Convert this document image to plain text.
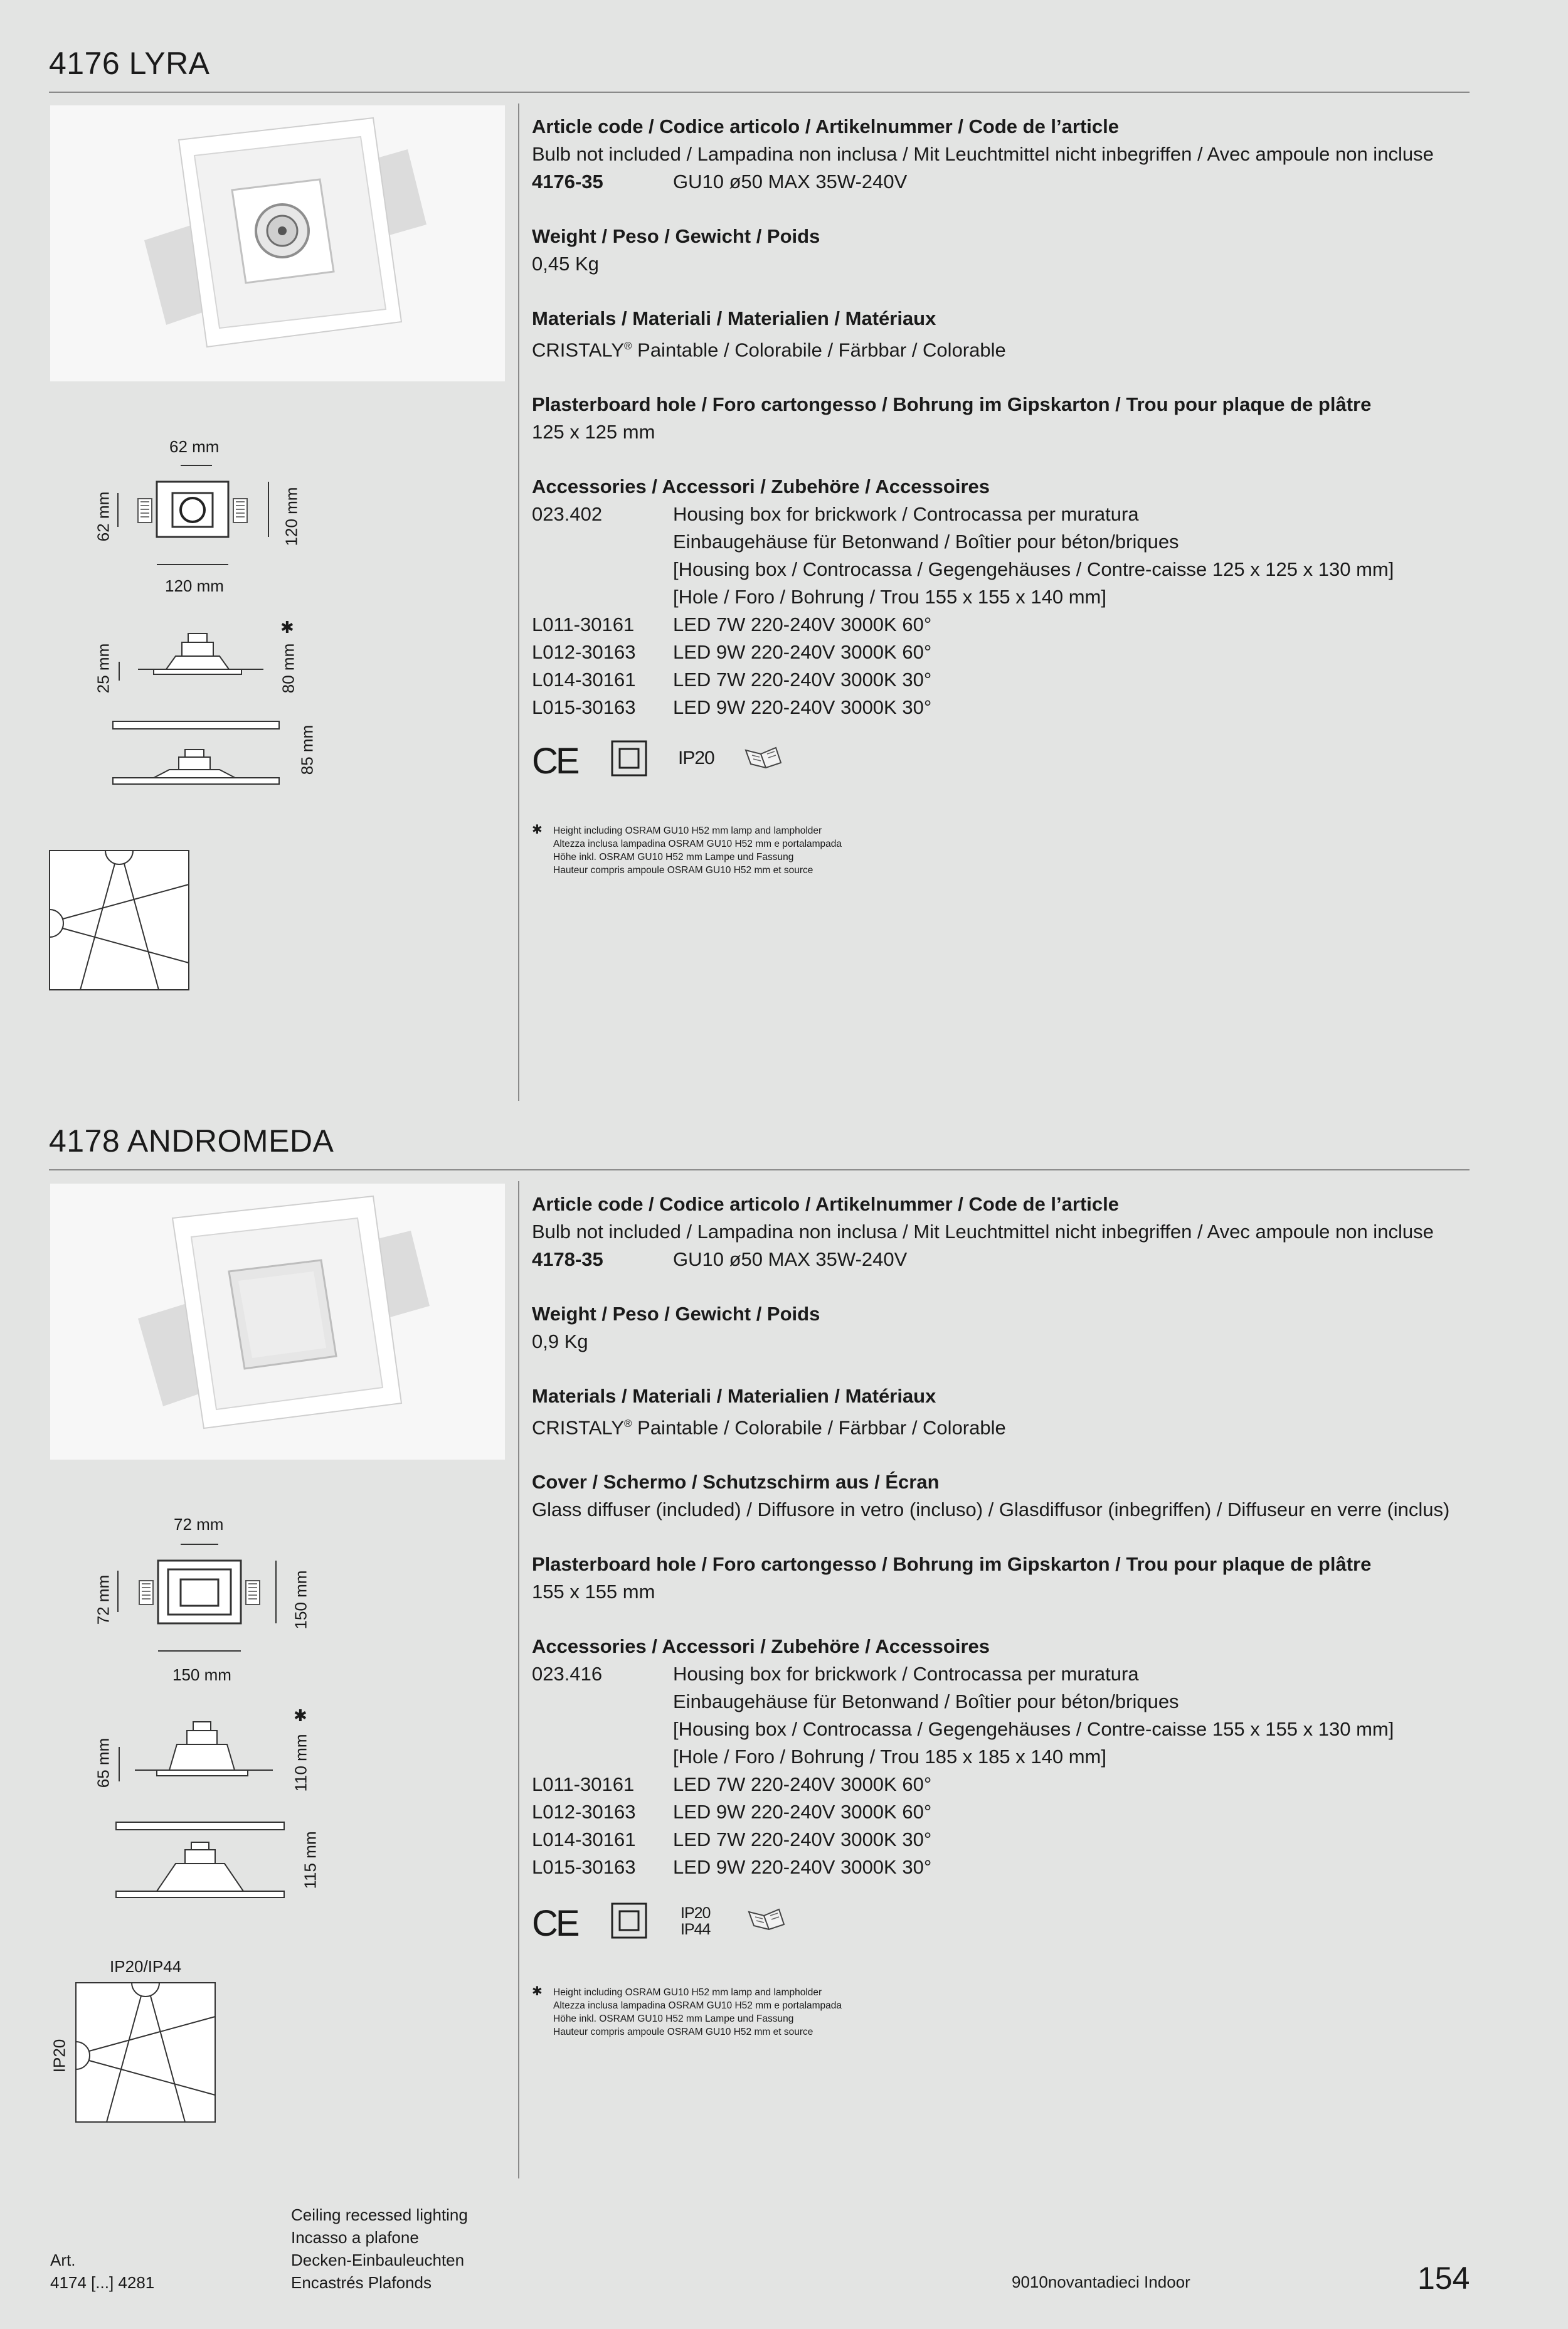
4176 LYRA
62 mm
62 mm	120 mm
120 mm
25 mm	80 mm
✱
85 mm
Article code / Codice articolo / Artikelnummer / Code de l’article
Bulb not included / Lampadina non inclusa / Mit Leuchtmittel nicht inbegriffen / Avec ampoule non incluse
4176-35	GU10 ø50 MAX 35W-240V
Weight / Peso / Gewicht / Poids
0,45 Kg
Materials / Materiali / Materialien / Matériaux
CRISTALY® Paintable / Colorabile / Färbbar / Colorable
Plasterboard hole / Foro cartongesso / Bohrung im Gipskarton / Trou pour plaque de plâtre
125 x 125 mm
Accessories / Accessori / Zubehöre / Accessoires
023.402	Housing box for brickwork / Controcassa per muratura
Einbaugehäuse für Betonwand / Boîtier pour béton/briques
[Housing box / Controcassa / Gegengehäuses / Contre-caisse 125 x 125 x 130 mm]
[Hole / Foro / Bohrung / Trou 155 x 155 x 140 mm]
L011-30161	LED 7W 220-240V 3000K 60°
L012-30163	LED 9W 220-240V 3000K 60°
L014-30161	LED 7W 220-240V 3000K 30°
L015-30163	LED 9W 220-240V 3000K 30°
CE	IP20
✱ Height including OSRAM GU10 H52 mm lamp and lampholder
Altezza inclusa lampadina OSRAM GU10 H52 mm e portalampada
Höhe inkl. OSRAM GU10 H52 mm Lampe und Fassung
Hauteur compris ampoule OSRAM GU10 H52 mm et source
4178 ANDROMEDA
72 mm
72 mm	150 mm
150 mm
65 mm	110 mm
✱
115 mm
IP20/IP44
IP20
Article code / Codice articolo / Artikelnummer / Code de l’article
Bulb not included / Lampadina non inclusa / Mit Leuchtmittel nicht inbegriffen / Avec ampoule non incluse
4178-35	GU10 ø50 MAX 35W-240V
Weight / Peso / Gewicht / Poids
0,9 Kg
Materials / Materiali / Materialien / Matériaux
CRISTALY® Paintable / Colorabile / Färbbar / Colorable
Cover / Schermo / Schutzschirm aus / Écran
Glass diffuser (included) / Diffusore in vetro (incluso) / Glasdiffusor (inbegriffen) / Diffuseur en verre (inclus)
Plasterboard hole / Foro cartongesso / Bohrung im Gipskarton / Trou pour plaque de plâtre
155 x 155 mm
Accessories / Accessori / Zubehöre / Accessoires
023.416	Housing box for brickwork / Controcassa per muratura
Einbaugehäuse für Betonwand / Boîtier pour béton/briques
[Housing box / Controcassa / Gegengehäuses / Contre-caisse 155 x 155 x 130 mm]
[Hole / Foro / Bohrung / Trou 185 x 185 x 140 mm]
L011-30161	LED 7W 220-240V 3000K 60°
L012-30163	LED 9W 220-240V 3000K 60°
L014-30161	LED 7W 220-240V 3000K 30°
L015-30163	LED 9W 220-240V 3000K 30°
CE	IP20
IP44
✱ Height including OSRAM GU10 H52 mm lamp and lampholder
Altezza inclusa lampadina OSRAM GU10 H52 mm e portalampada
Höhe inkl. OSRAM GU10 H52 mm Lampe und Fassung
Hauteur compris ampoule OSRAM GU10 H52 mm et source
Art.
4174 [...] 4281
Ceiling recessed lighting
Incasso a plafone
Decken-Einbauleuchten
Encastrés Plafonds	9010novantadieci Indoor	154
